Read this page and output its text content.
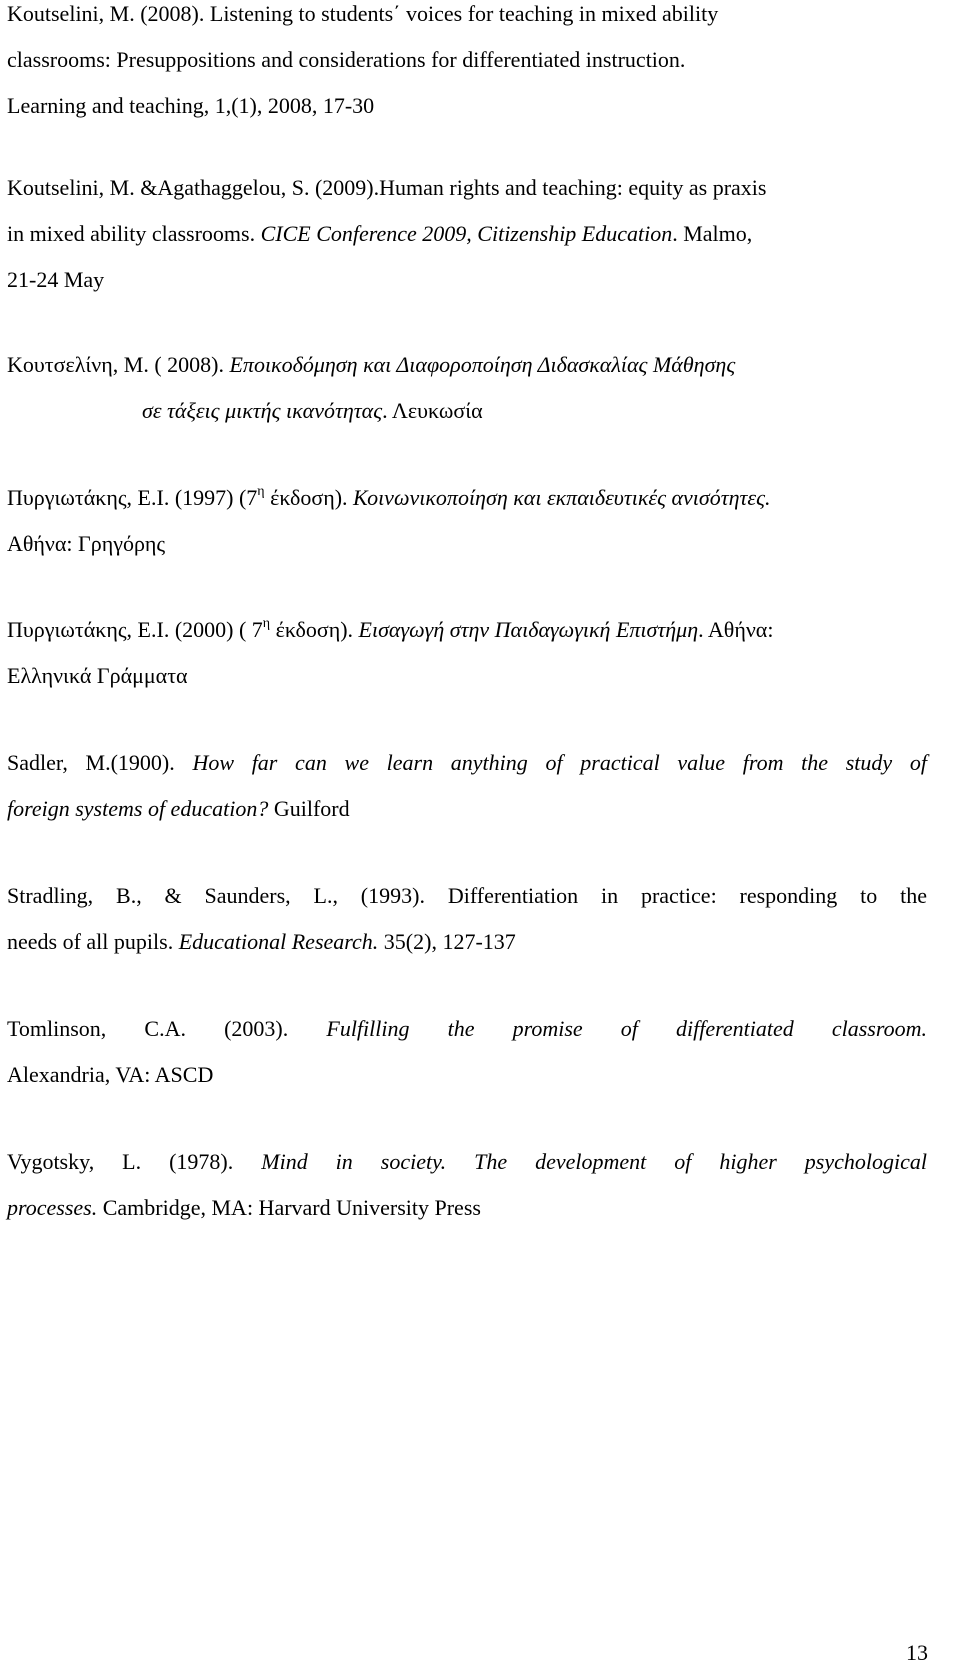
Koutselini, M. (2008). Listening to students΄ voices for teaching in mixed ability
classrooms: Presuppositions and considerations for differentiated instruction.
Learning and teaching, 1,(1), 2008, 17-30
Koutselini, M. &Agathaggelou, S. (2009).Human rights and teaching: equity as praxis
in mixed ability classrooms. CICE Conference 2009, Citizenship Education. Malmo,
21-24 May
Κουτσελίνη, Μ. ( 2008). Εποικοδόμηση και Διαφοροποίηση Διδασκαλίας Μάθησης
σε τάξεις μικτής ικανότητας. Λευκωσία
Πυργιωτάκης, Ε.Ι. (1997) ($7^\eta$ έκδοση). Κοινωνικοποίηση και εκπαιδευτικές ανισότητες.
Αθήνα: Γρηγόρης
Πυργιωτάκης, Ε.Ι. (2000) ( $7^\eta$ έκδοση). Εισαγωγή στην Παιδαγωγική Επιστήμη. Αθήνα:
Ελληνικά Γράμματα
Sadler, M.(1900). How far can we learn anything of practical value from the study of
foreign systems of education? Guilford
Stradling, B., & Saunders, L., (1993). Differentiation in practice: responding to the
needs of all pupils. Educational Research. 35(2), 127-137
Tomlinson, C.A. (2003). Fulfilling the promise of differentiated classroom.
Alexandria, VA: ASCD
Vygotsky, L. (1978). Mind in society. The development of higher psychological
processes. Cambridge, MA: Harvard University Press
13
